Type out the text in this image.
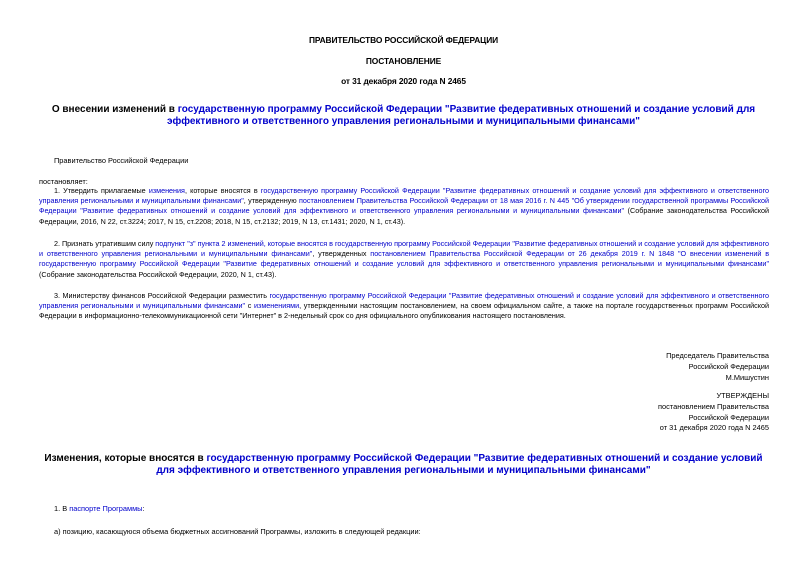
ПРАВИТЕЛЬСТВО РОССИЙСКОЙ ФЕДЕРАЦИИ
ПОСТАНОВЛЕНИЕ
от 31 декабря 2020 года N 2465
О внесении изменений в государственную программу Российской Федерации "Развитие федеративных отношений и создание условий для эффективного и ответственного управления региональными и муниципальными финансами"
Правительство Российской Федерации
постановляет:
1. Утвердить прилагаемые изменения, которые вносятся в государственную программу Российской Федерации "Развитие федеративных отношений и создание условий для эффективного и ответственного управления региональными и муниципальными финансами", утвержденную постановлением Правительства Российской Федерации от 18 мая 2016 г. N 445 "Об утверждении государственной программы Российской Федерации "Развитие федеративных отношений и создание условий для эффективного и ответственного управления региональными и муниципальными финансами" (Собрание законодательства Российской Федерации, 2016, N 22, ст.3224; 2017, N 15, ст.2208; 2018, N 15, ст.2132; 2019, N 13, ст.1431; 2020, N 1, ст.43).
2. Признать утратившим силу подпункт "з" пункта 2 изменений, которые вносятся в государственную программу Российской Федерации "Развитие федеративных отношений и создание условий для эффективного и ответственного управления региональными и муниципальными финансами", утвержденных постановлением Правительства Российской Федерации от 26 декабря 2019 г. N 1848 "О внесении изменений в государственную программу Российской Федерации "Развитие федеративных отношений и создание условий для эффективного и ответственного управления региональными и муниципальными финансами" (Собрание законодательства Российской Федерации, 2020, N 1, ст.43).
3. Министерству финансов Российской Федерации разместить государственную программу Российской Федерации "Развитие федеративных отношений и создание условий для эффективного и ответственного управления региональными и муниципальными финансами" с изменениями, утвержденными настоящим постановлением, на своем официальном сайте, а также на портале государственных программ Российской Федерации в информационно-телекоммуникационной сети "Интернет" в 2-недельный срок со дня официального опубликования настоящего постановления.
Председатель Правительства
Российской Федерации
М.Мишустин
УТВЕРЖДЕНЫ
постановлением Правительства
Российской Федерации
от 31 декабря 2020 года N 2465
Изменения, которые вносятся в государственную программу Российской Федерации "Развитие федеративных отношений и создание условий для эффективного и ответственного управления региональными и муниципальными финансами"
1. В паспорте Программы:
а) позицию, касающуюся объема бюджетных ассигнований Программы, изложить в следующей редакции:
